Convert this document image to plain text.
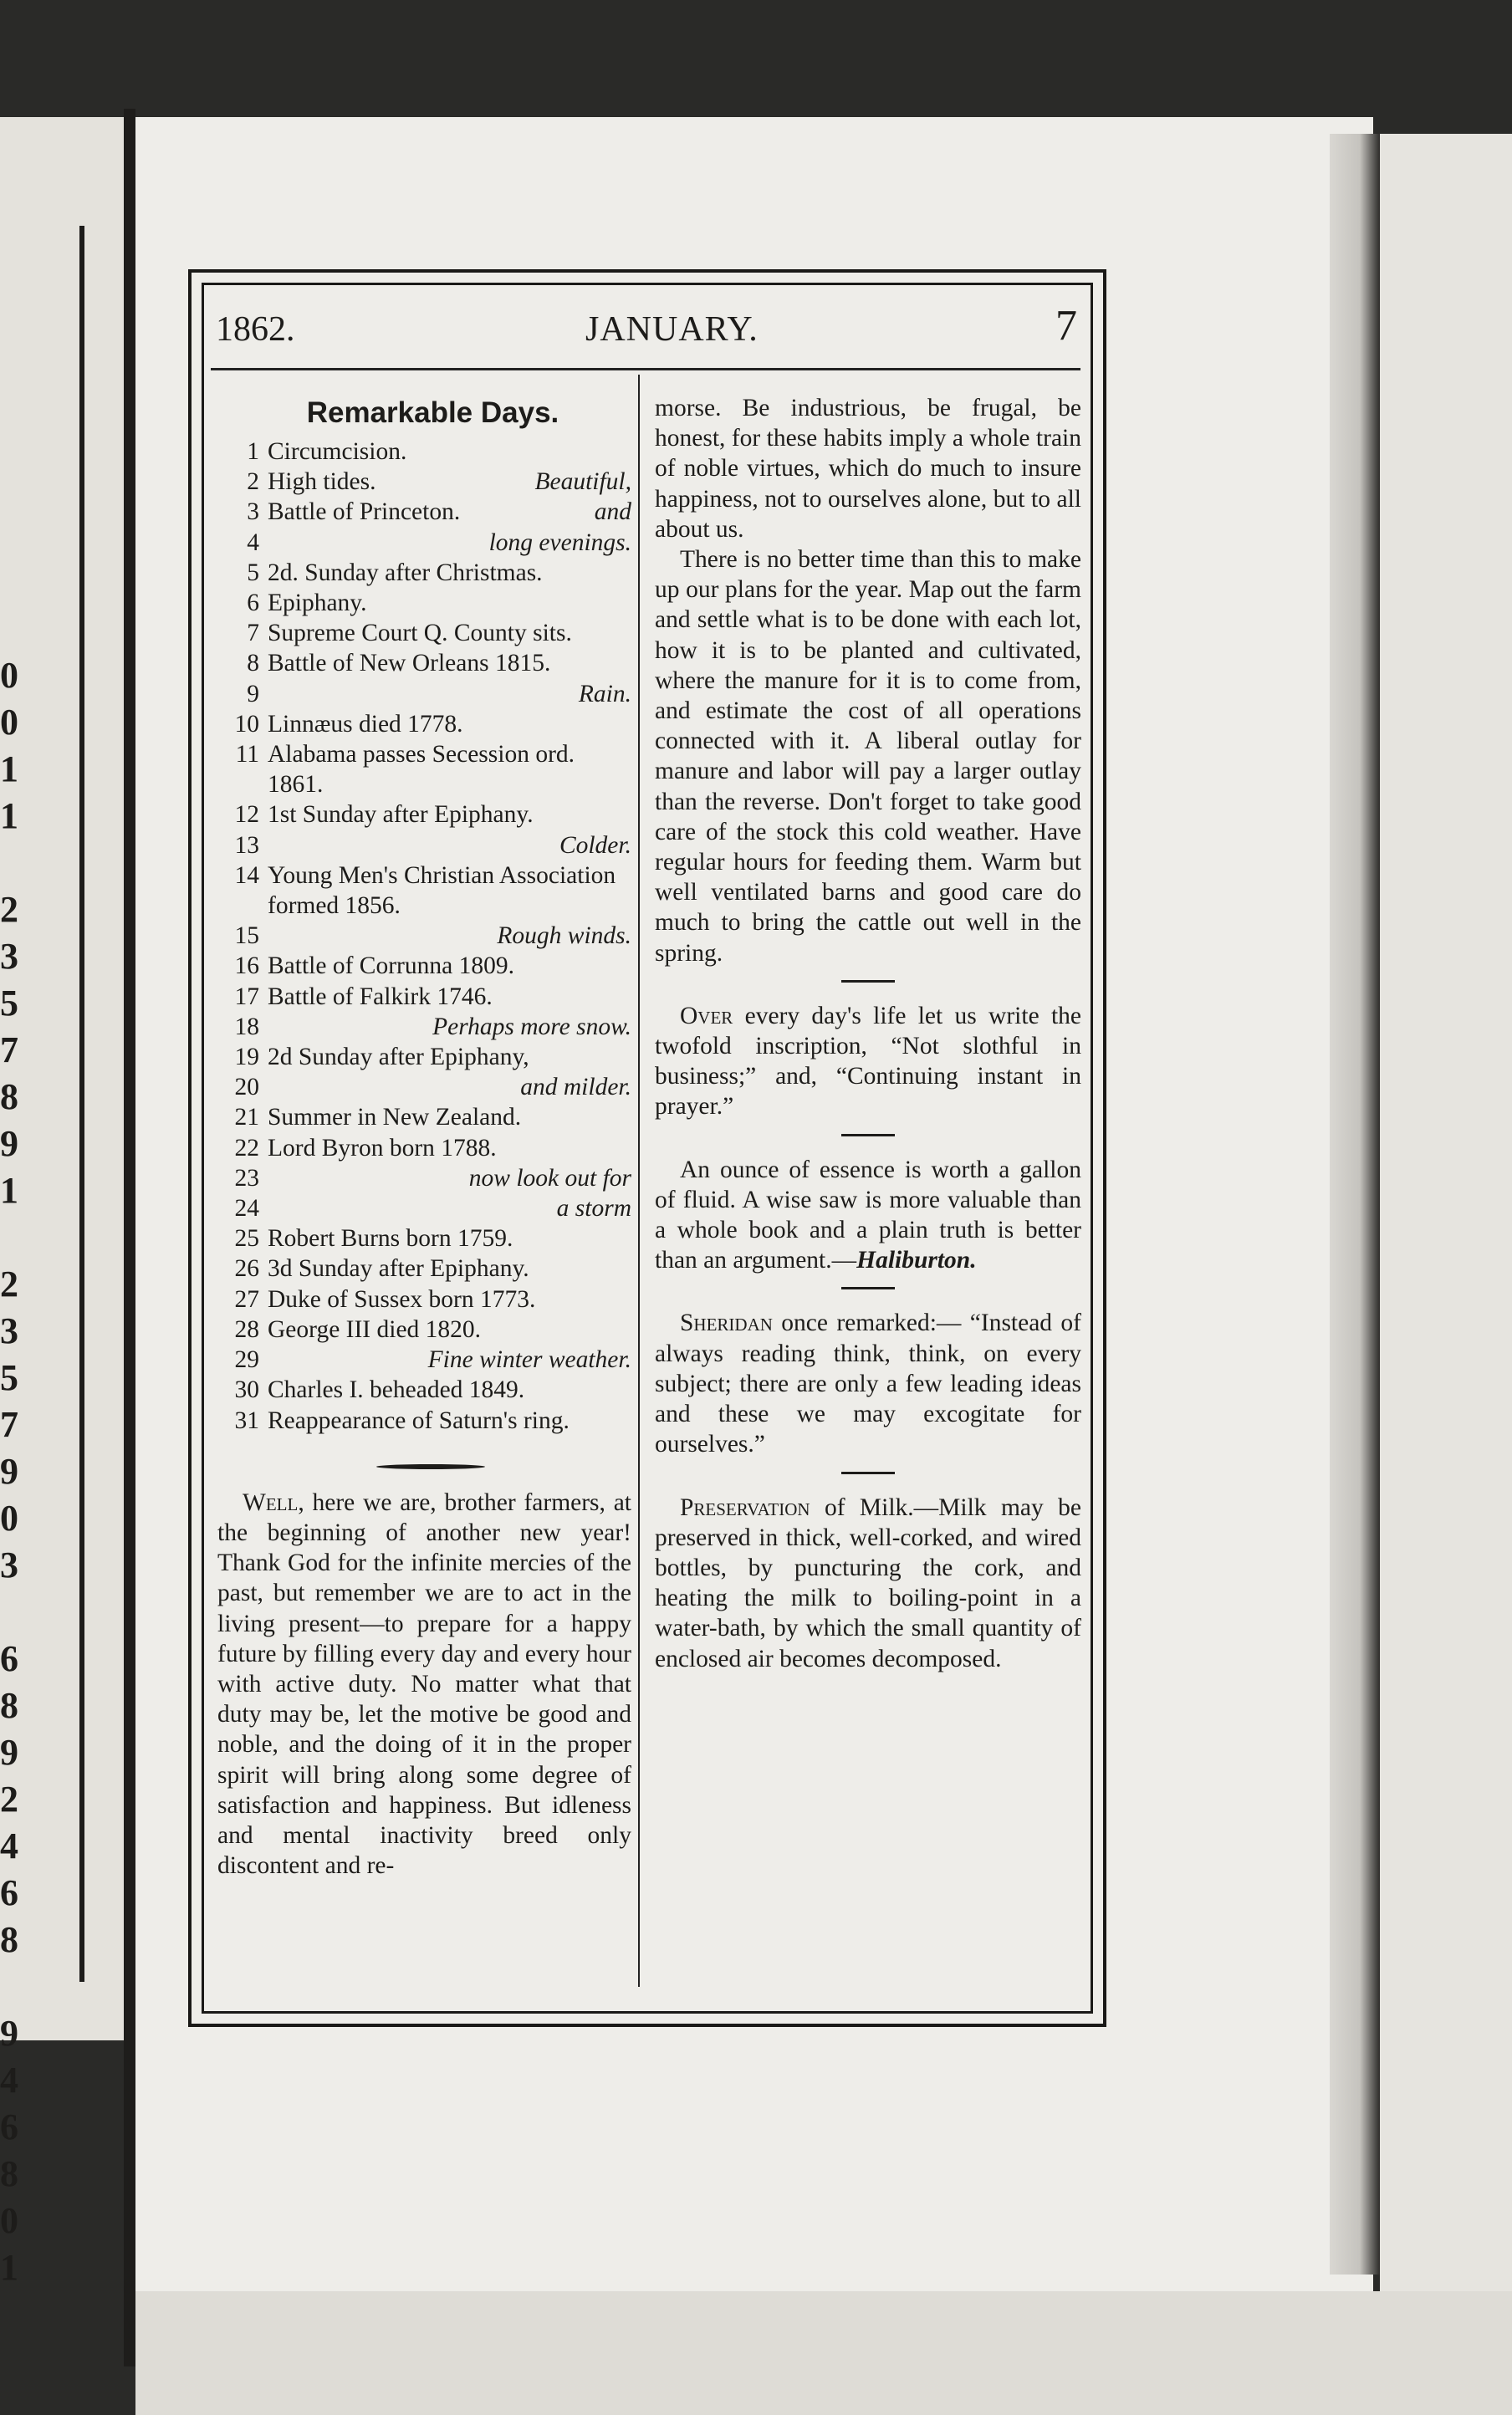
0
0
1
1

2
3
5
7
8
9
1

2
3
5
7
9
0
3

6
8
9
2
4
6
8

9
4
6
8
0
1
1862.	JANUARY.	7
Remarkable Days.
1 Circumcision.
2 High tides.	Beautiful,
3 Battle of Princeton.	and
4	long evenings.
5 2d. Sunday after Christmas.
6 Epiphany.
7 Supreme Court Q. County sits.
8 Battle of New Orleans 1815.
9	Rain.
10 Linnæus died 1778.
11 Alabama passes Secession ord. 1861.
12 1st Sunday after Epiphany.
13	Colder.
14 Young Men's Christian Association formed 1856.
15	Rough winds.
16 Battle of Corrunna 1809.
17 Battle of Falkirk 1746.
18	Perhaps more snow.
19 2d Sunday after Epiphany,
20	and milder.
21 Summer in New Zealand.
22 Lord Byron born 1788.
23	now look out for
24	a storm
25 Robert Burns born 1759.
26 3d Sunday after Epiphany.
27 Duke of Sussex born 1773.
28 George III died 1820.
29	Fine winter weather.
30 Charles I. beheaded 1849.
31 Reappearance of Saturn's ring.

Well, here we are, brother farmers, at the beginning of another new year! Thank God for the infinite mercies of the past, but remember we are to act in the living present—to prepare for a happy future by filling every day and every hour with active duty. No matter what that duty may be, let the motive be good and noble, and the doing of it in the proper spirit will bring along some degree of satisfaction and happiness. But idleness and mental inactivity breed only discontent and re-

morse. Be industrious, be frugal, be honest, for these habits imply a whole train of noble virtues, which do much to insure happiness, not to ourselves alone, but to all about us.

There is no better time than this to make up our plans for the year. Map out the farm and settle what is to be done with each lot, how it is to be planted and cultivated, where the manure for it is to come from, and estimate the cost of all operations connected with it. A liberal outlay for manure and labor will pay a larger outlay than the reverse. Don't forget to take good care of the stock this cold weather. Have regular hours for feeding them. Warm but well ventilated barns and good care do much to bring the cattle out well in the spring.

Over every day's life let us write the twofold inscription, “Not slothful in business;” and, “Continuing instant in prayer.”

An ounce of essence is worth a gallon of fluid. A wise saw is more valuable than a whole book and a plain truth is better than an argument.—Haliburton.

Sheridan once remarked:— “Instead of always reading think, think, on every subject; there are only a few leading ideas and these we may excogitate for ourselves.”

Preservation of Milk.—Milk may be preserved in thick, well-corked, and wired bottles, by puncturing the cork, and heating the milk to boiling-point in a water-bath, by which the small quantity of enclosed air becomes decomposed.
